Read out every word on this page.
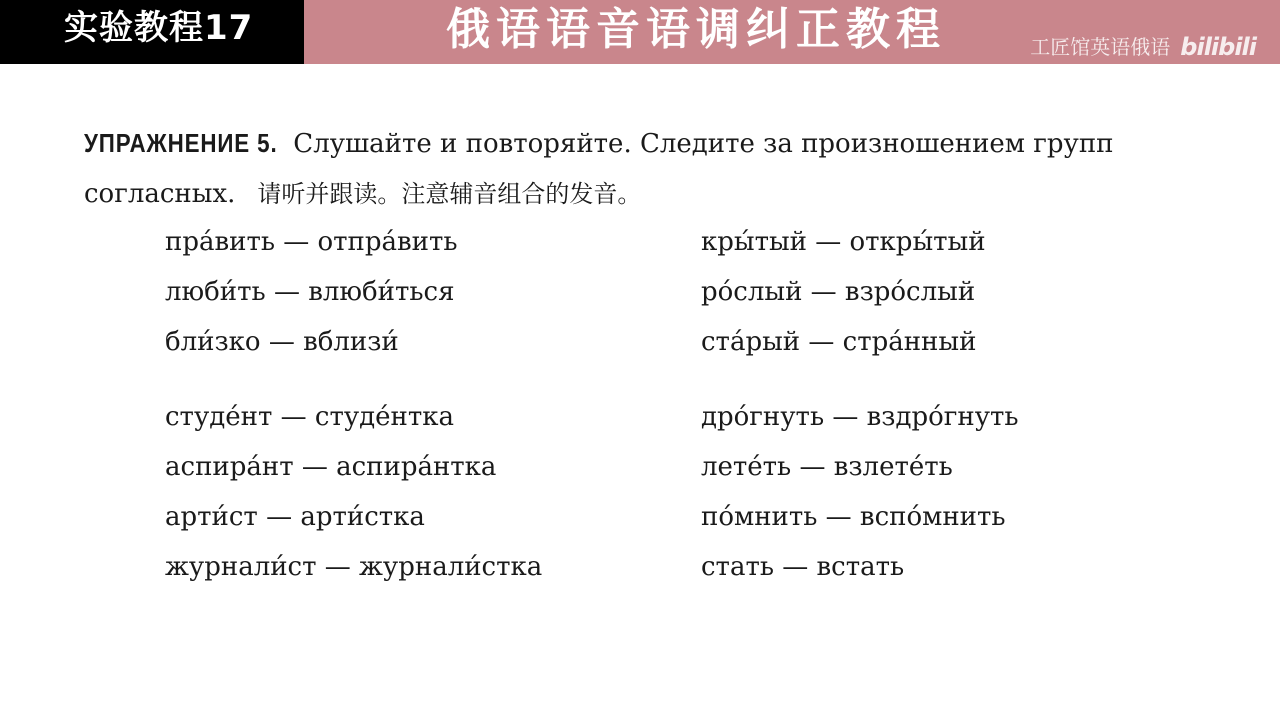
实验教程17	俄语语音语调纠正教程	工匠馆英语俄语 bilibili
УПРАЖНЕНИЕ 5. Слушайте и повторяйте. Следите за произношением групп согласных. 请听并跟读。注意辅音组合的发音。
пра́вить — отпра́вить
люби́ть — влюби́ться
бли́зко — вблизи́
студе́нт — студе́нтка
аспира́нт — аспира́нтка
арти́ст — арти́стка
журнали́ст — журнали́стка
кры́тый — откры́тый
ро́слый — взро́слый
ста́рый — стра́нный
дро́гнуть — вздро́гнуть
лете́ть — взлете́ть
по́мнить — вспо́мнить
стать — встать
